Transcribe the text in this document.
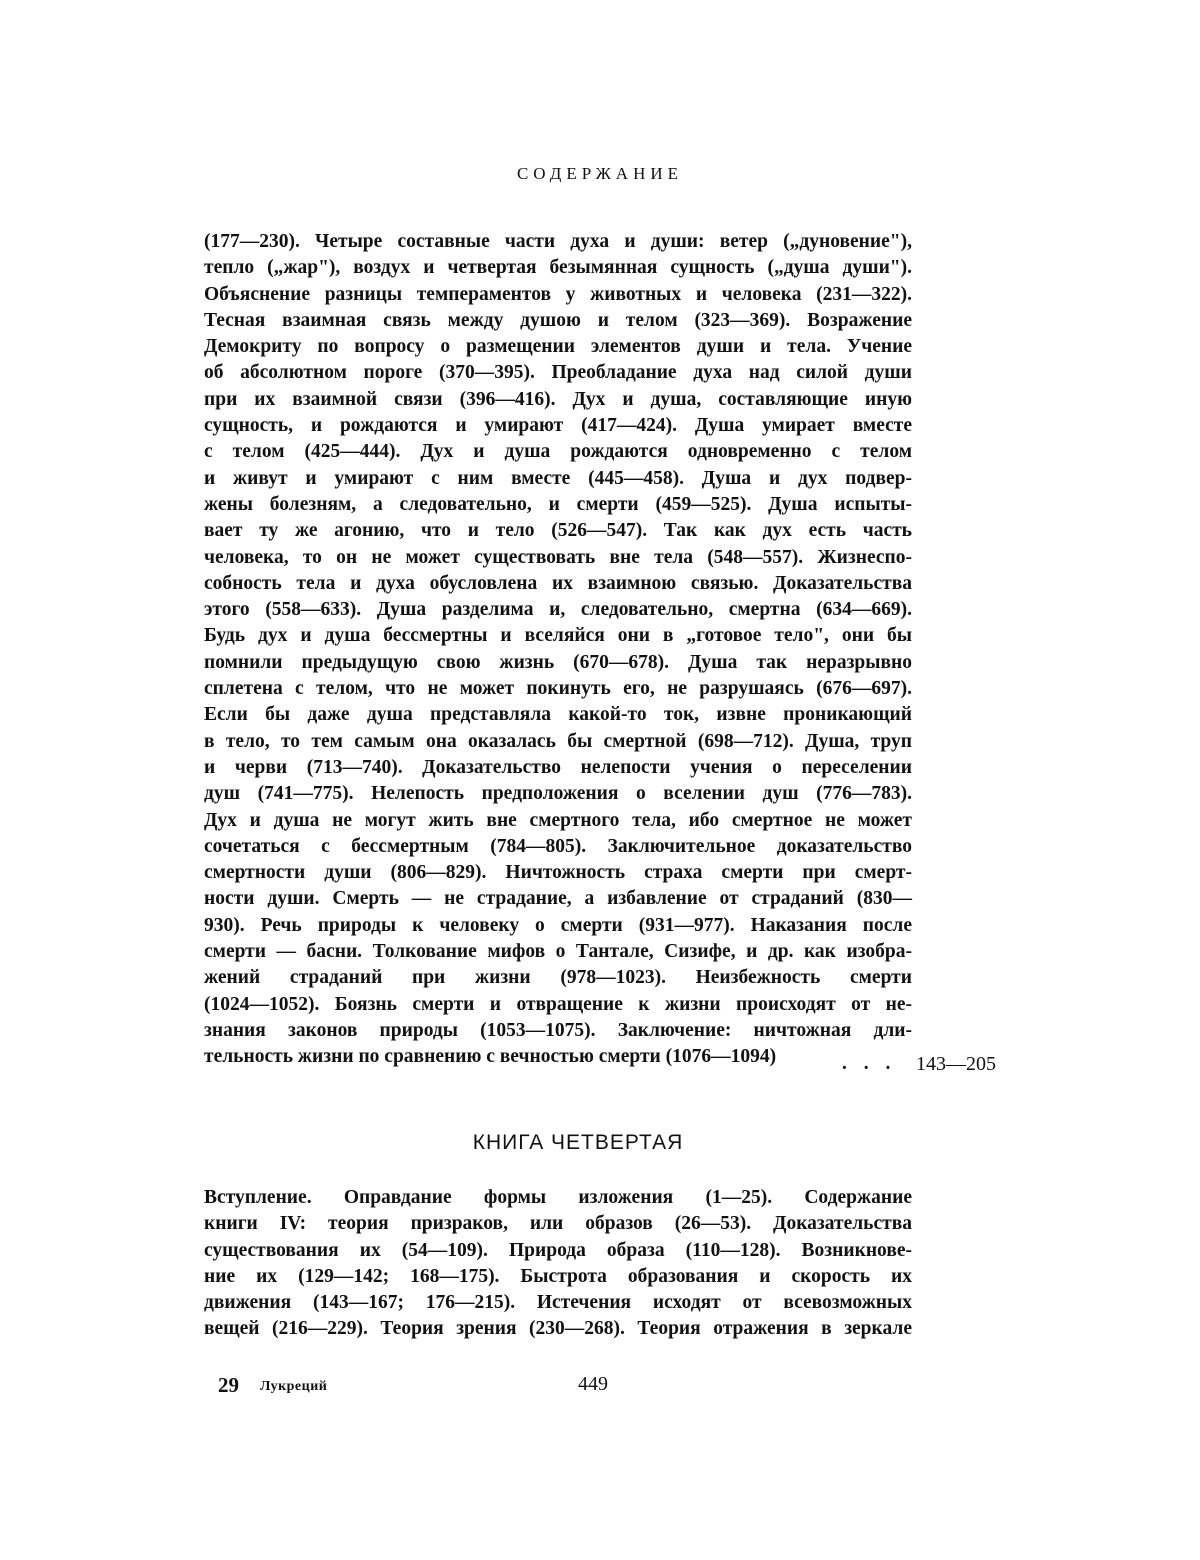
СОДЕРЖАНИЕ
(177—230). Четыре составные части духа и души: ветер („дуновение"),
тепло („жар"), воздух и четвертая безымянная сущность („душа души").
Объяснение разницы темпераментов у животных и человека (231—322).
Тесная взаимная связь между душою и телом (323—369). Возражение
Демокриту по вопросу о размещении элементов души и тела. Учение
об абсолютном пороге (370—395). Преобладание духа над силой души
при их взаимной связи (396—416). Дух и душа, составляющие иную
сущность, и рождаются и умирают (417—424). Душа умирает вместе
с телом (425—444). Дух и душа рождаются одновременно с телом
и живут и умирают с ним вместе (445—458). Душа и дух подвер-
жены болезням, а следовательно, и смерти (459—525). Душа испыты-
вает ту же агонию, что и тело (526—547). Так как дух есть часть
человека, то он не может существовать вне тела (548—557). Жизнеспо-
собность тела и духа обусловлена их взаимною связью. Доказательства
этого (558—633). Душа разделима и, следовательно, смертна (634—669).
Будь дух и душа бессмертны и вселяйся они в „готовое тело", они бы
помнили предыдущую свою жизнь (670—678). Душа так неразрывно
сплетена с телом, что не может покинуть его, не разрушаясь (676—697).
Если бы даже душа представляла какой-то ток, извне проникающий
в тело, то тем самым она оказалась бы смертной (698—712). Душа, труп
и черви (713—740). Доказательство нелепости учения о переселении
душ (741—775). Нелепость предположения о вселении душ (776—783).
Дух и душа не могут жить вне смертного тела, ибо смертное не может
сочетаться с бессмертным (784—805). Заключительное доказательство
смертности души (806—829). Ничтожность страха смерти при смерт-
ности души. Смерть — не страдание, а избавление от страданий (830—
930). Речь природы к человеку о смерти (931—977). Наказания после
смерти — басни. Толкование мифов о Тантале, Сизифе, и др. как изобра-
жений страданий при жизни (978—1023). Неизбежность смерти
(1024—1052). Боязнь смерти и отвращение к жизни происходят от не-
знания законов природы (1053—1075). Заключение: ничтожная дли-
тельность жизни по сравнению с вечностью смерти (1076—1094)	. . . 143—205
КНИГА ЧЕТВЕРТАЯ
Вступление. Оправдание формы изложения (1—25). Содержание
книги IV: теория призраков, или образов (26—53). Доказательства
существования их (54—109). Природа образа (110—128). Возникнове-
ние их (129—142; 168—175). Быстрота образования и скорость их
движения (143—167; 176—215). Истечения исходят от всевозможных
вещей (216—229). Теория зрения (230—268). Теория отражения в зеркале
29 Лукреций	449
